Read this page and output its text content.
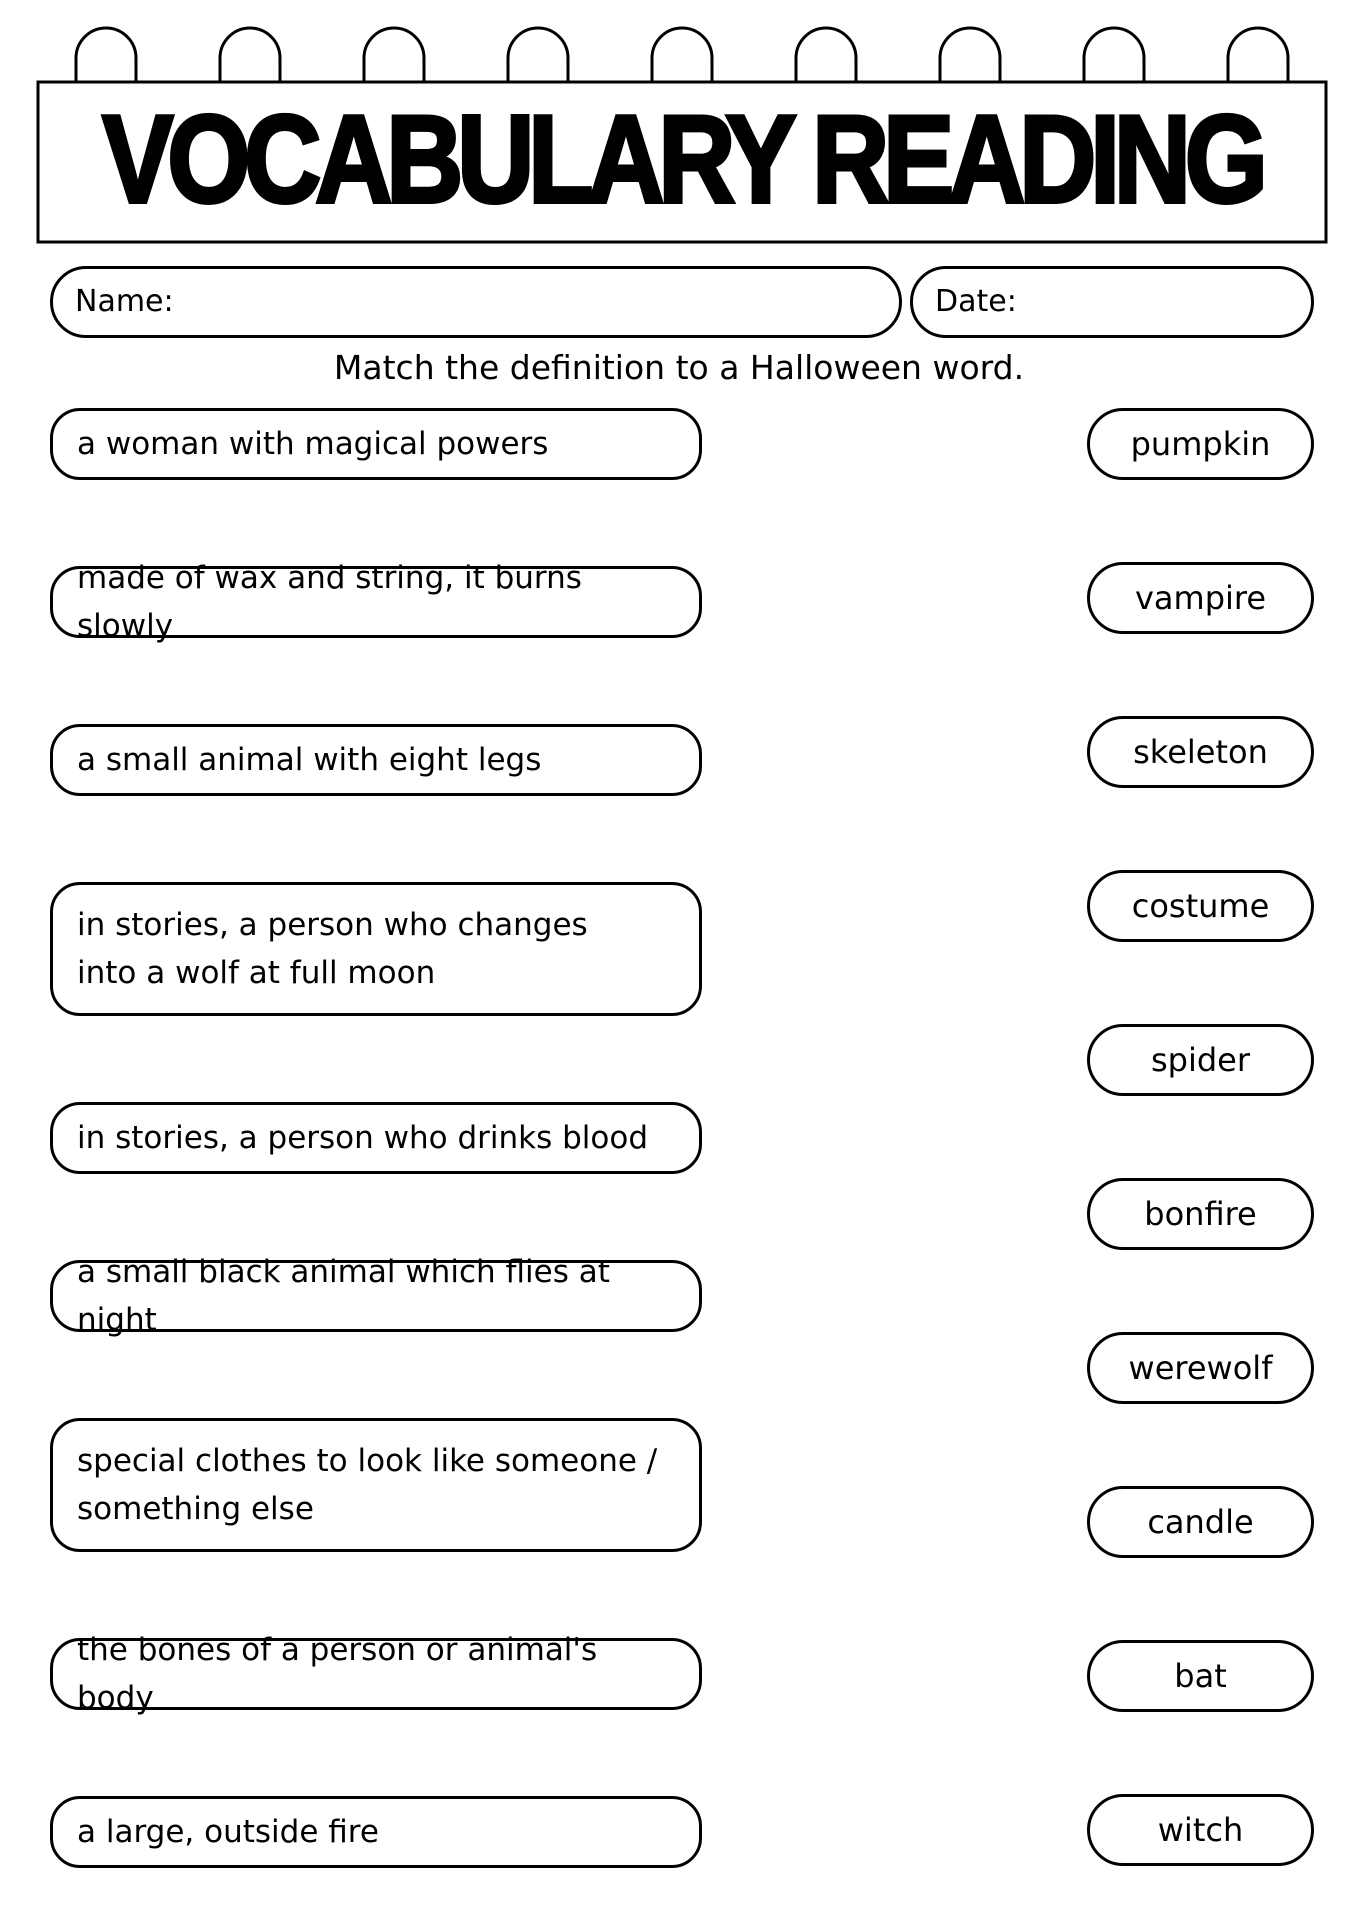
VOCABULARY READING
Name:	Date:
Match the definition to a Halloween word.
a woman with magical powers
made of wax and string, it burns slowly
a small animal with eight legs
in stories, a person who changes
into a wolf at full moon
in stories, a person who drinks blood
a small black animal which flies at night
special clothes to look like someone /
something else
the bones of a person or animal's body
a large, outside fire
pumpkin
vampire
skeleton
costume
spider
bonfire
werewolf
candle
bat
witch
